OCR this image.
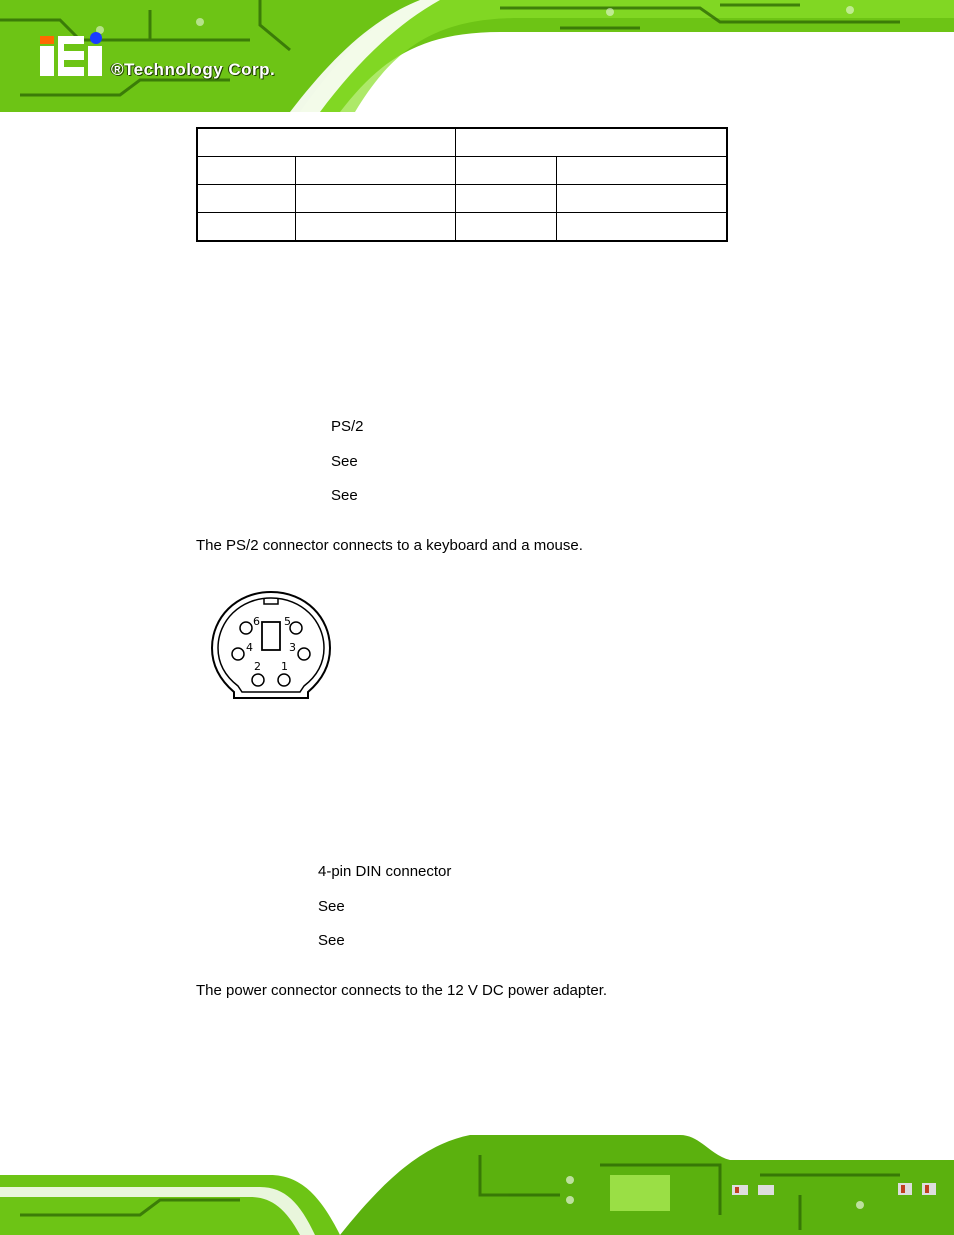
®Technology Corp.

PS/2
See
See
The PS/2 connector connects to a keyboard and a mouse.
6 5
4	3
2 1
4-pin DIN connector
See
See
The power connector connects to the 12 V DC power adapter.
